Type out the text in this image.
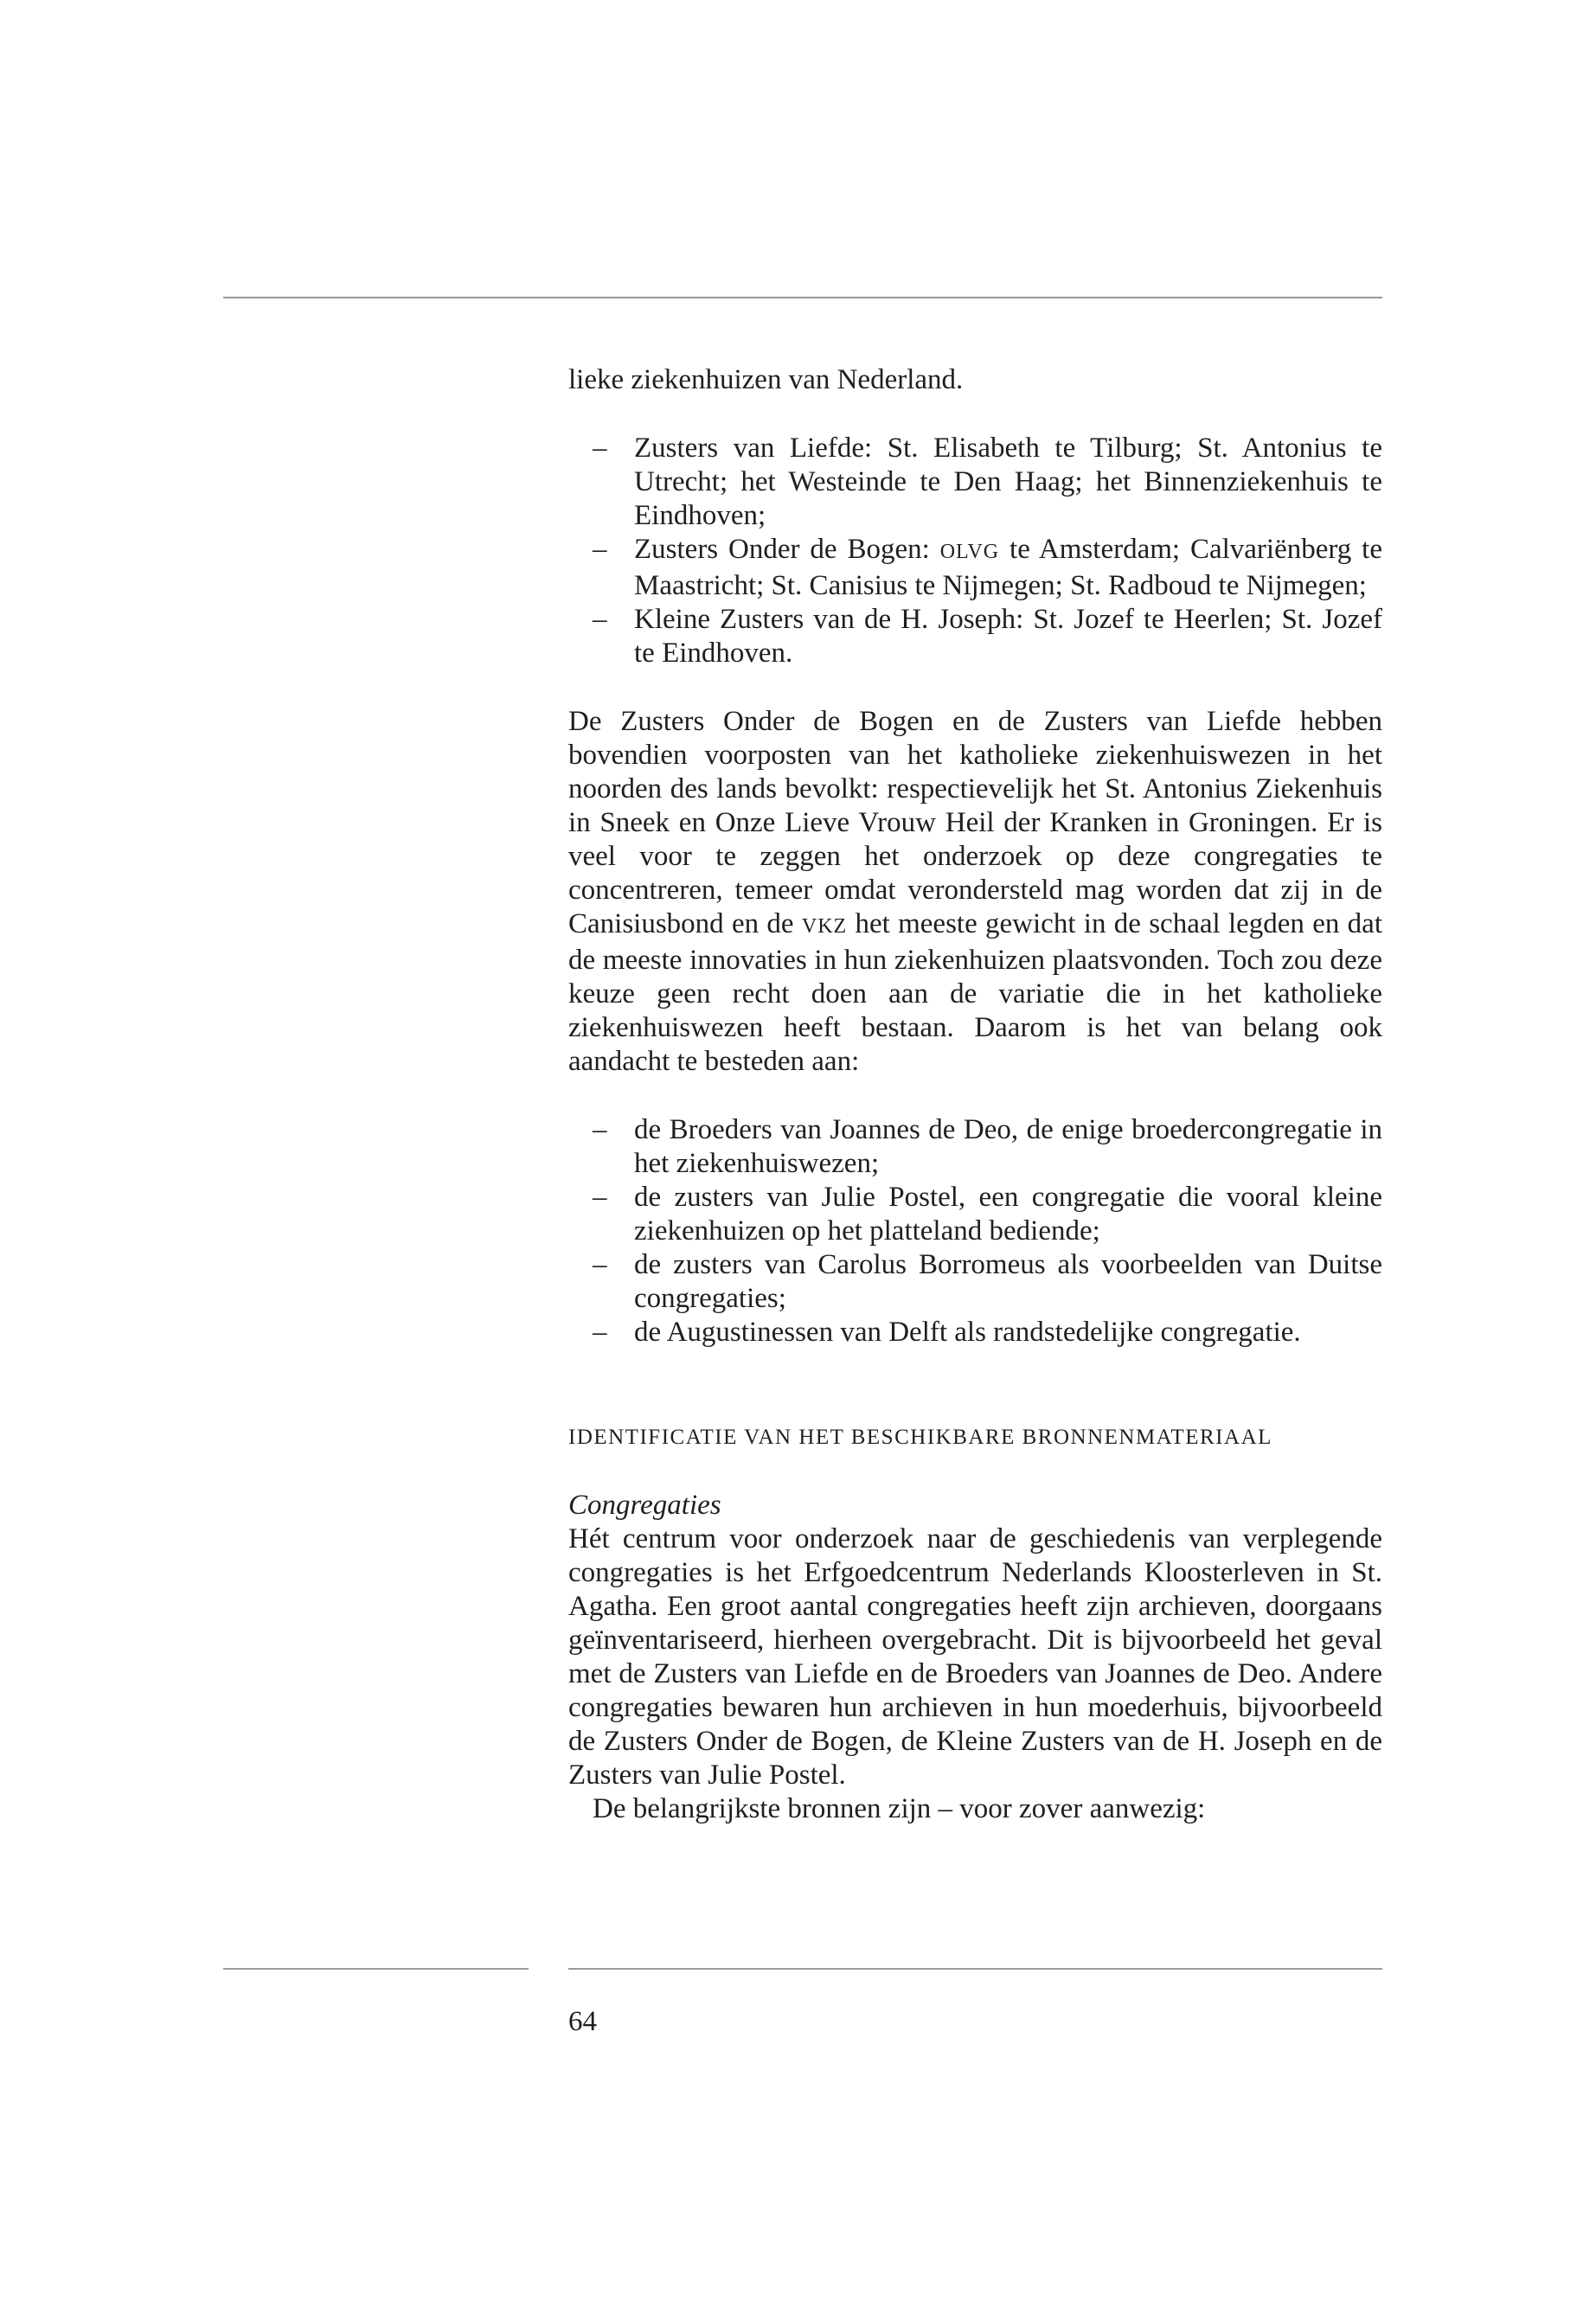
lieke ziekenhuizen van Nederland.

– Zusters van Liefde: St. Elisabeth te Tilburg; St. Antonius te Utrecht; het Westeinde te Den Haag; het Binnenziekenhuis te Eindhoven;
– Zusters Onder de Bogen: OLVG te Amsterdam; Calvariënberg te Maastricht; St. Canisius te Nijmegen; St. Radboud te Nijmegen;
– Kleine Zusters van de H. Joseph: St. Jozef te Heerlen; St. Jozef te Eindhoven.

De Zusters Onder de Bogen en de Zusters van Liefde hebben bovendien voorposten van het katholieke ziekenhuiswezen in het noorden des lands bevolkt: respectievelijk het St. Antonius Ziekenhuis in Sneek en Onze Lieve Vrouw Heil der Kranken in Groningen. Er is veel voor te zeggen het onderzoek op deze congregaties te concentreren, temeer omdat verondersteld mag worden dat zij in de Canisiusbond en de VKZ het meeste gewicht in de schaal legden en dat de meeste innovaties in hun ziekenhuizen plaatsvonden. Toch zou deze keuze geen recht doen aan de variatie die in het katholieke ziekenhuiswezen heeft bestaan. Daarom is het van belang ook aandacht te besteden aan:

– de Broeders van Joannes de Deo, de enige broedercongregatie in het ziekenhuiswezen;
– de zusters van Julie Postel, een congregatie die vooral kleine ziekenhuizen op het platteland bediende;
– de zusters van Carolus Borromeus als voorbeelden van Duitse congregaties;
– de Augustinessen van Delft als randstedelijke congregatie.

IDENTIFICATIE VAN HET BESCHIKBARE BRONNENMATERIAAL

Congregaties

Hét centrum voor onderzoek naar de geschiedenis van verplegende congregaties is het Erfgoedcentrum Nederlands Kloosterleven in St. Agatha. Een groot aantal congregaties heeft zijn archieven, doorgaans geïnventariseerd, hierheen overgebracht. Dit is bijvoorbeeld het geval met de Zusters van Liefde en de Broeders van Joannes de Deo. Andere congregaties bewaren hun archieven in hun moederhuis, bijvoorbeeld de Zusters Onder de Bogen, de Kleine Zusters van de H. Joseph en de Zusters van Julie Postel.

De belangrijkste bronnen zijn – voor zover aanwezig:

64
